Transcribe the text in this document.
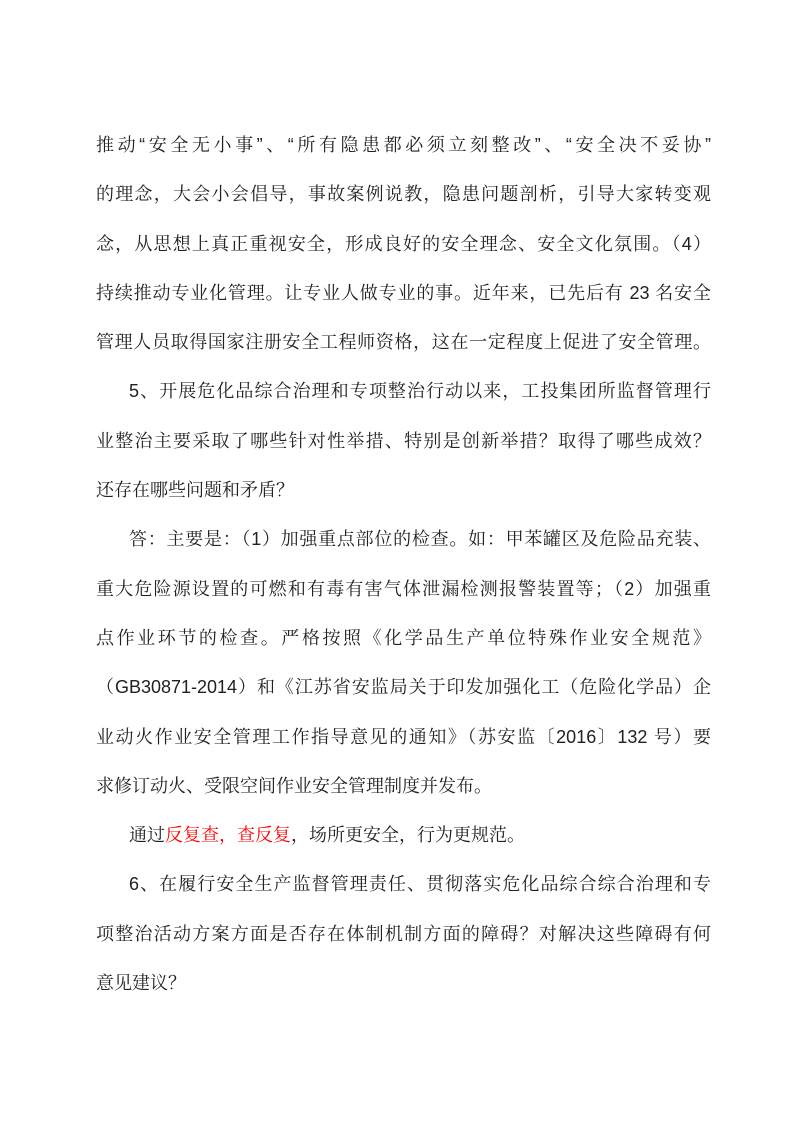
推动“安全无小事”、“所有隐患都必须立刻整改”、“安全决不妥协”
的理念，大会小会倡导，事故案例说教，隐患问题剖析，引导大家转变观
念，从思想上真正重视安全，形成良好的安全理念、安全文化氛围。（4）
持续推动专业化管理。让专业人做专业的事。近年来，已先后有 23 名安全
管理人员取得国家注册安全工程师资格，这在一定程度上促进了安全管理。
5、开展危化品综合治理和专项整治行动以来，工投集团所监督管理行
业整治主要采取了哪些针对性举措、特别是创新举措？取得了哪些成效？
还存在哪些问题和矛盾？
答：主要是：（1）加强重点部位的检查。如：甲苯罐区及危险品充装、
重大危险源设置的可燃和有毒有害气体泄漏检测报警装置等；（2）加强重
点作业环节的检查。严格按照《化学品生产单位特殊作业安全规范》
（GB30871-2014）和《江苏省安监局关于印发加强化工（危险化学品）企
业动火作业安全管理工作指导意见的通知》（苏安监〔2016〕132 号）要
求修订动火、受限空间作业安全管理制度并发布。
通过反复查，查反复，场所更安全，行为更规范。
6、在履行安全生产监督管理责任、贯彻落实危化品综合综合治理和专
项整治活动方案方面是否存在体制机制方面的障碍？对解决这些障碍有何
意见建议？
